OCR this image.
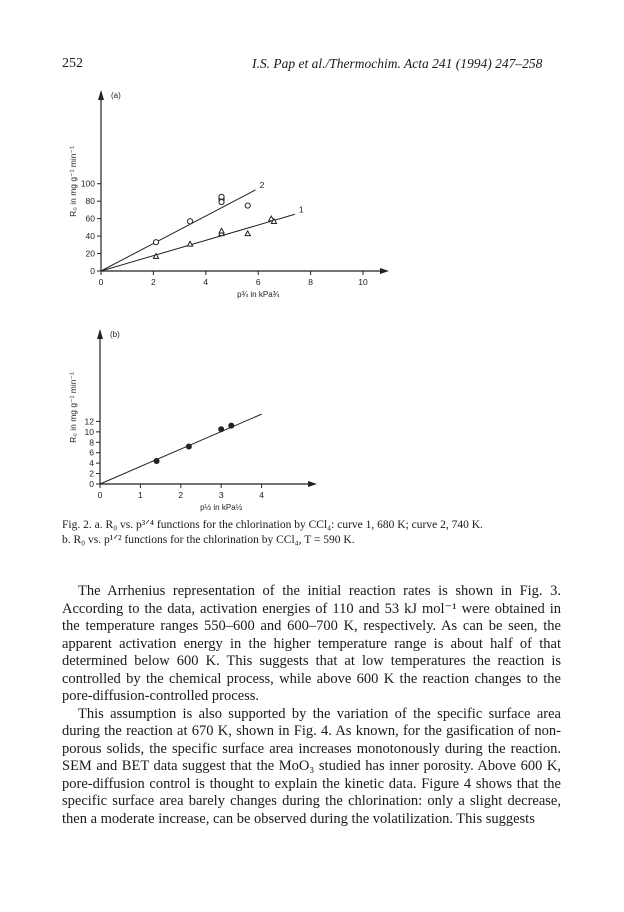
252	I.S. Pap et al./Thermochim. Acta 241 (1994) 247–258
(a)
0	2	4	6	8	10
0
20
40
60
80
100
p¾ in kPa¾
R₀ in mg g⁻¹ min⁻¹	2
1
(b)
0	1	2	3	4
0
2
4
6
8
10
12
p½ in kPa½
R₀ in mg g⁻¹ min⁻¹
Fig. 2. a. R₀ vs. p³ᐟ⁴ functions for the chlorination by CCl₄: curve 1, 680 K; curve 2, 740 K.
b. R₀ vs. p¹ᐟ² functions for the chlorination by CCl₄, T = 590 K.

The Arrhenius representation of the initial reaction rates is shown in Fig. 3. According to the data, activation energies of 110 and 53 kJ mol⁻¹ were obtained in the temperature ranges 550–600 and 600–700 K, respectively. As can be seen, the apparent activation energy in the higher temperature range is about half of that determined below 600 K. This suggests that at low temperatures the reaction is controlled by the chemical process, while above 600 K the reaction changes to the pore-diffusion-controlled process.

This assumption is also supported by the variation of the specific surface area during the reaction at 670 K, shown in Fig. 4. As known, for the gasification of non-porous solids, the specific surface area increases monotonously during the reaction. SEM and BET data suggest that the MoO₃ studied has inner porosity. Above 600 K, pore-diffusion control is thought to explain the kinetic data. Figure 4 shows that the specific surface area barely changes during the chlorination: only a slight decrease, then a moderate increase, can be observed during the volatilization. This suggests
